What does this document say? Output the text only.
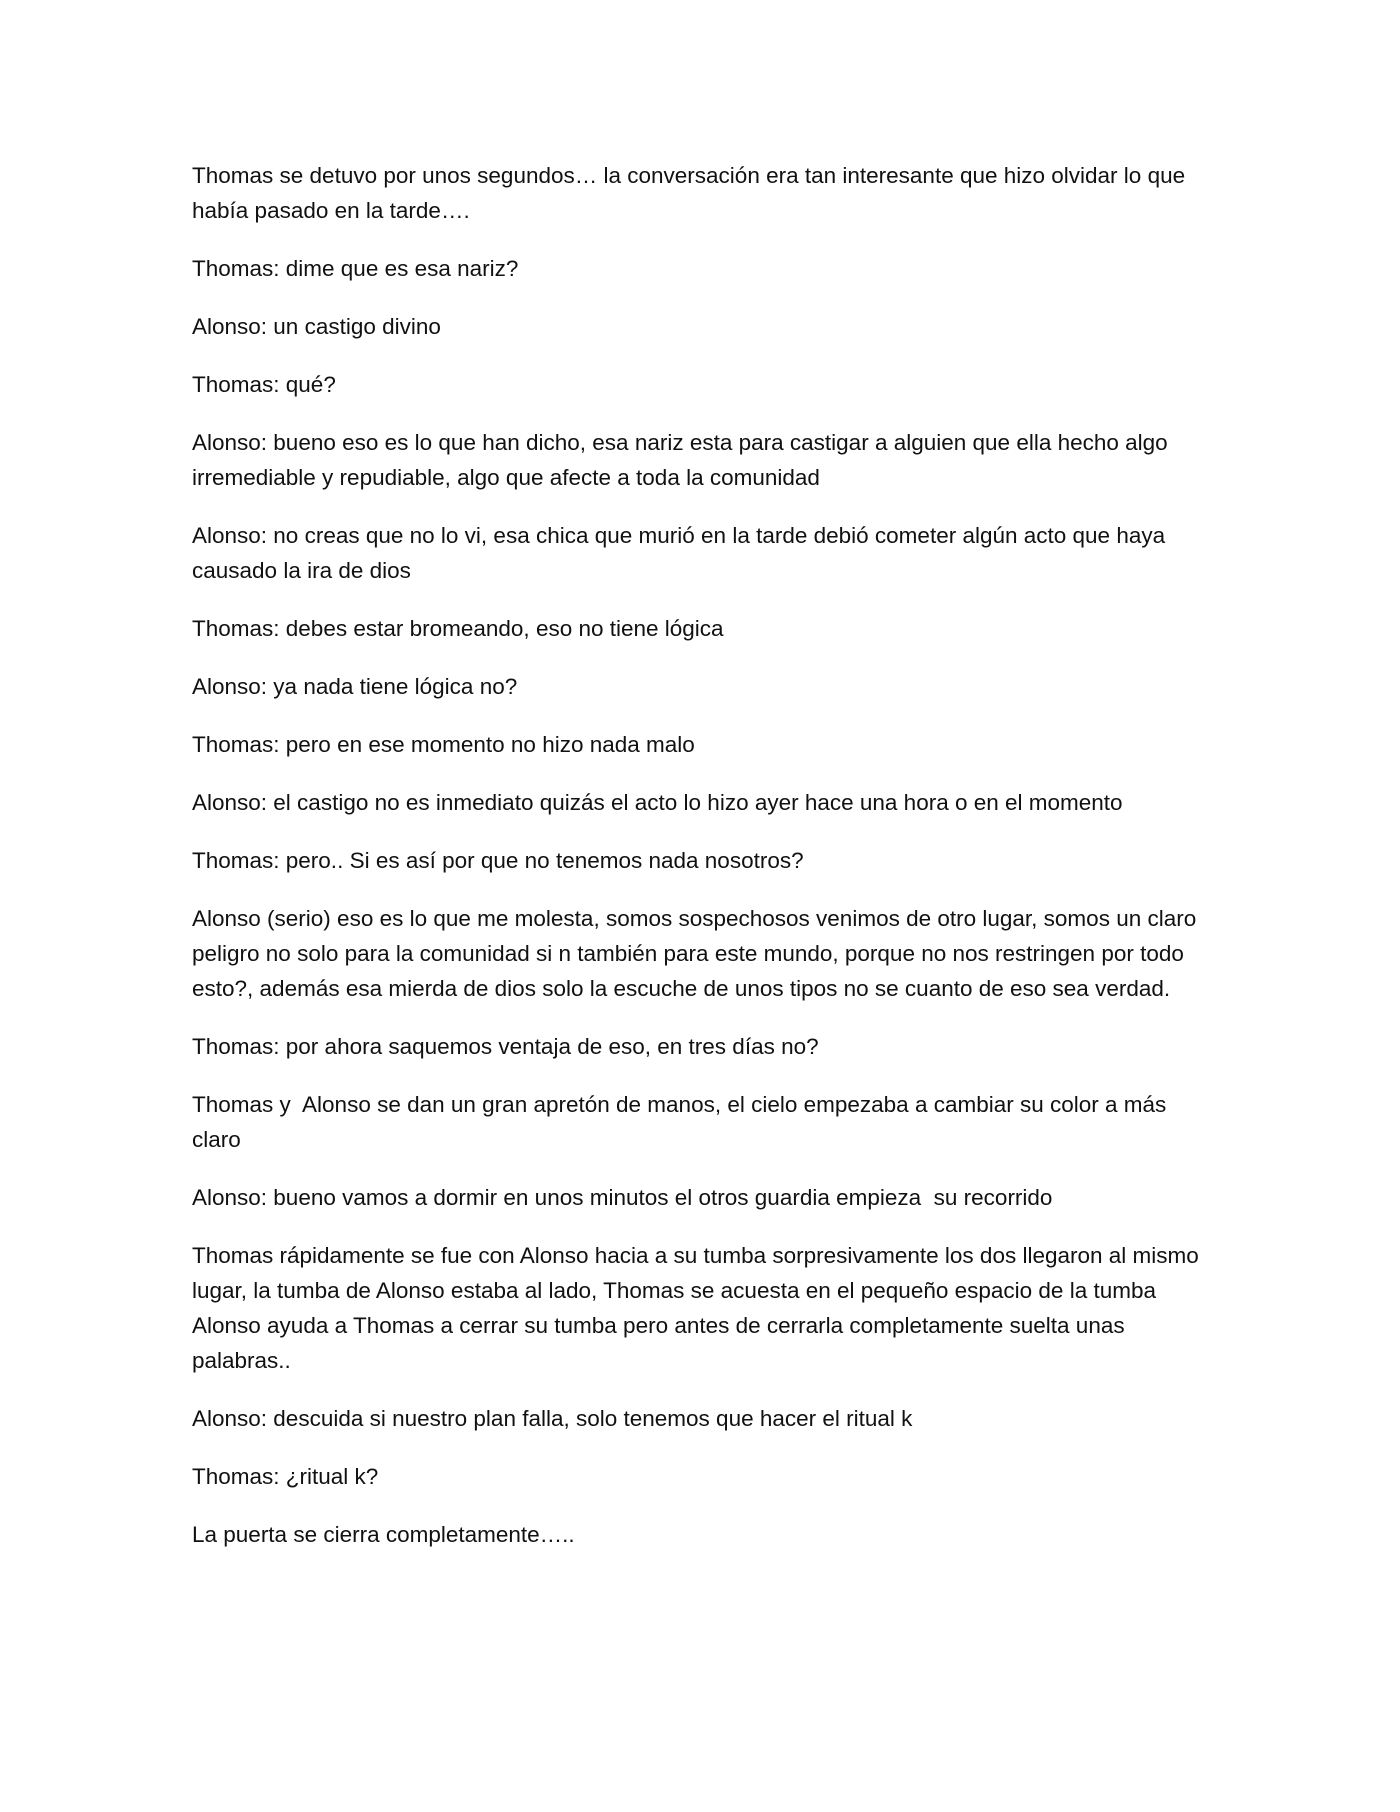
Thomas se detuvo por unos segundos… la conversación era tan interesante que hizo olvidar lo que había pasado en la tarde….

Thomas: dime que es esa nariz?

Alonso: un castigo divino

Thomas: qué?

Alonso: bueno eso es lo que han dicho, esa nariz esta para castigar a alguien que ella hecho algo irremediable y repudiable, algo que afecte a toda la comunidad

Alonso: no creas que no lo vi, esa chica que murió en la tarde debió cometer algún acto que haya causado la ira de dios

Thomas: debes estar bromeando, eso no tiene lógica

Alonso: ya nada tiene lógica no?

Thomas: pero en ese momento no hizo nada malo

Alonso: el castigo no es inmediato quizás el acto lo hizo ayer hace una hora o en el momento

Thomas: pero.. Si es así por que no tenemos nada nosotros?

Alonso (serio) eso es lo que me molesta, somos sospechosos venimos de otro lugar, somos un claro peligro no solo para la comunidad si n también para este mundo, porque no nos restringen por todo esto?, además esa mierda de dios solo la escuche de unos tipos no se cuanto de eso sea verdad.

Thomas: por ahora saquemos ventaja de eso, en tres días no?

Thomas y  Alonso se dan un gran apretón de manos, el cielo empezaba a cambiar su color a más claro

Alonso: bueno vamos a dormir en unos minutos el otros guardia empieza  su recorrido

Thomas rápidamente se fue con Alonso hacia a su tumba sorpresivamente los dos llegaron al mismo lugar, la tumba de Alonso estaba al lado, Thomas se acuesta en el pequeño espacio de la tumba Alonso ayuda a Thomas a cerrar su tumba pero antes de cerrarla completamente suelta unas palabras..

Alonso: descuida si nuestro plan falla, solo tenemos que hacer el ritual k

Thomas: ¿ritual k?

La puerta se cierra completamente…..
